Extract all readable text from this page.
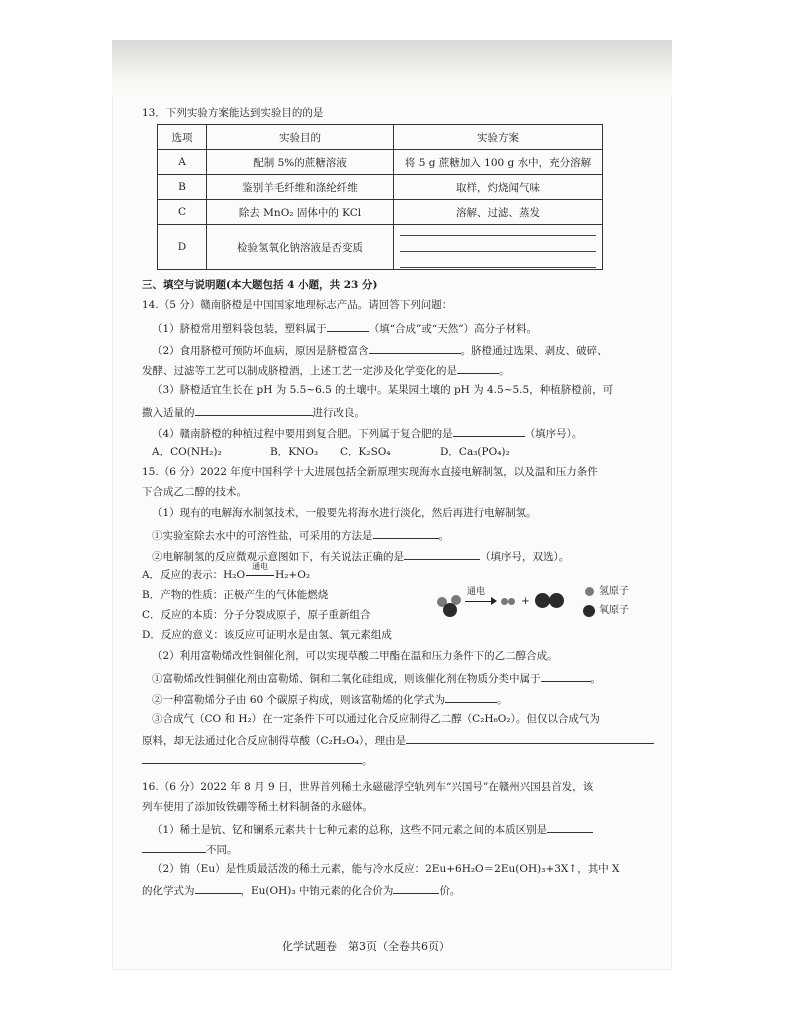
13．下列实验方案能达到实验目的的是
选项	实验目的	实验方案
A	配制 5%的蔗糖溶液	将 5 g 蔗糖加入 100 g 水中，充分溶解
B	鉴别羊毛纤维和涤纶纤维	取样，灼烧闻气味
C	除去 MnO₂ 固体中的 KCl	溶解、过滤、蒸发
D	检验氢氧化钠溶液是否变质	
三、填空与说明题(本大题包括 4 小题，共 23 分)
14.（5 分）赣南脐橙是中国国家地理标志产品。请回答下列问题：
（1）脐橙常用塑料袋包装，塑料属于	（填“合成”或“天然”）高分子材料。
（2）食用脐橙可预防坏血病，原因是脐橙富含	。脐橙通过选果、剥皮、破碎、
发酵、过滤等工艺可以制成脐橙酒，上述工艺一定涉及化学变化的是	。
（3）脐橙适宜生长在 pH 为 5.5~6.5 的土壤中。某果园土壤的 pH 为 4.5~5.5，种植脐橙前，可
撒入适量的	进行改良。
（4）赣南脐橙的种植过程中要用到复合肥。下列属于复合肥的是	（填序号）。
A．CO(NH₂)₂	B．KNO₃ C．K₂SO₄	D．Ca₃(PO₄)₂
15.（6 分）2022 年度中国科学十大进展包括全新原理实现海水直接电解制氢，以及温和压力条件
下合成乙二醇的技术。
（1）现有的电解海水制氢技术，一般要先将海水进行淡化，然后再进行电解制氢。
①实验室除去水中的可溶性盐，可采用的方法是	。
②电解制氢的反应微观示意图如下，有关说法正确的是	（填序号，双选）。
A．反应的表示：H₂O
通电
H₂+O₂
B．产物的性质：正极产生的气体能燃烧
C．反应的本质：分子分裂成原子，原子重新组合
D．反应的意义：该反应可证明水是由氢、氧元素组成
通电
+
氢原子
氧原子
（2）利用富勒烯改性铜催化剂，可以实现草酸二甲酯在温和压力条件下的乙二醇合成。
①富勒烯改性铜催化剂由富勒烯、铜和二氧化硅组成，则该催化剂在物质分类中属于	。
②一种富勒烯分子由 60 个碳原子构成，则该富勒烯的化学式为	。
③合成气（CO 和 H₂）在一定条件下可以通过化合反应制得乙二醇（C₂H₆O₂）。但仅以合成气为
原料，却无法通过化合反应制得草酸（C₂H₂O₄），理由是
。
16.（6 分）2022 年 8 月 9 日，世界首列稀土永磁磁浮空轨列车“兴国号”在赣州兴国县首发，该
列车使用了添加钕铁硼等稀土材料制备的永磁体。
（1）稀土是钪、钇和镧系元素共十七种元素的总称，这些不同元素之间的本质区别是
不同。
（2）铕（Eu）是性质最活泼的稀土元素，能与冷水反应：2Eu+6H₂O＝2Eu(OH)₃+3X↑，其中 X
的化学式为	，Eu(OH)₃ 中铕元素的化合价为	价。
化学试题卷　第3页（全卷共6页）
